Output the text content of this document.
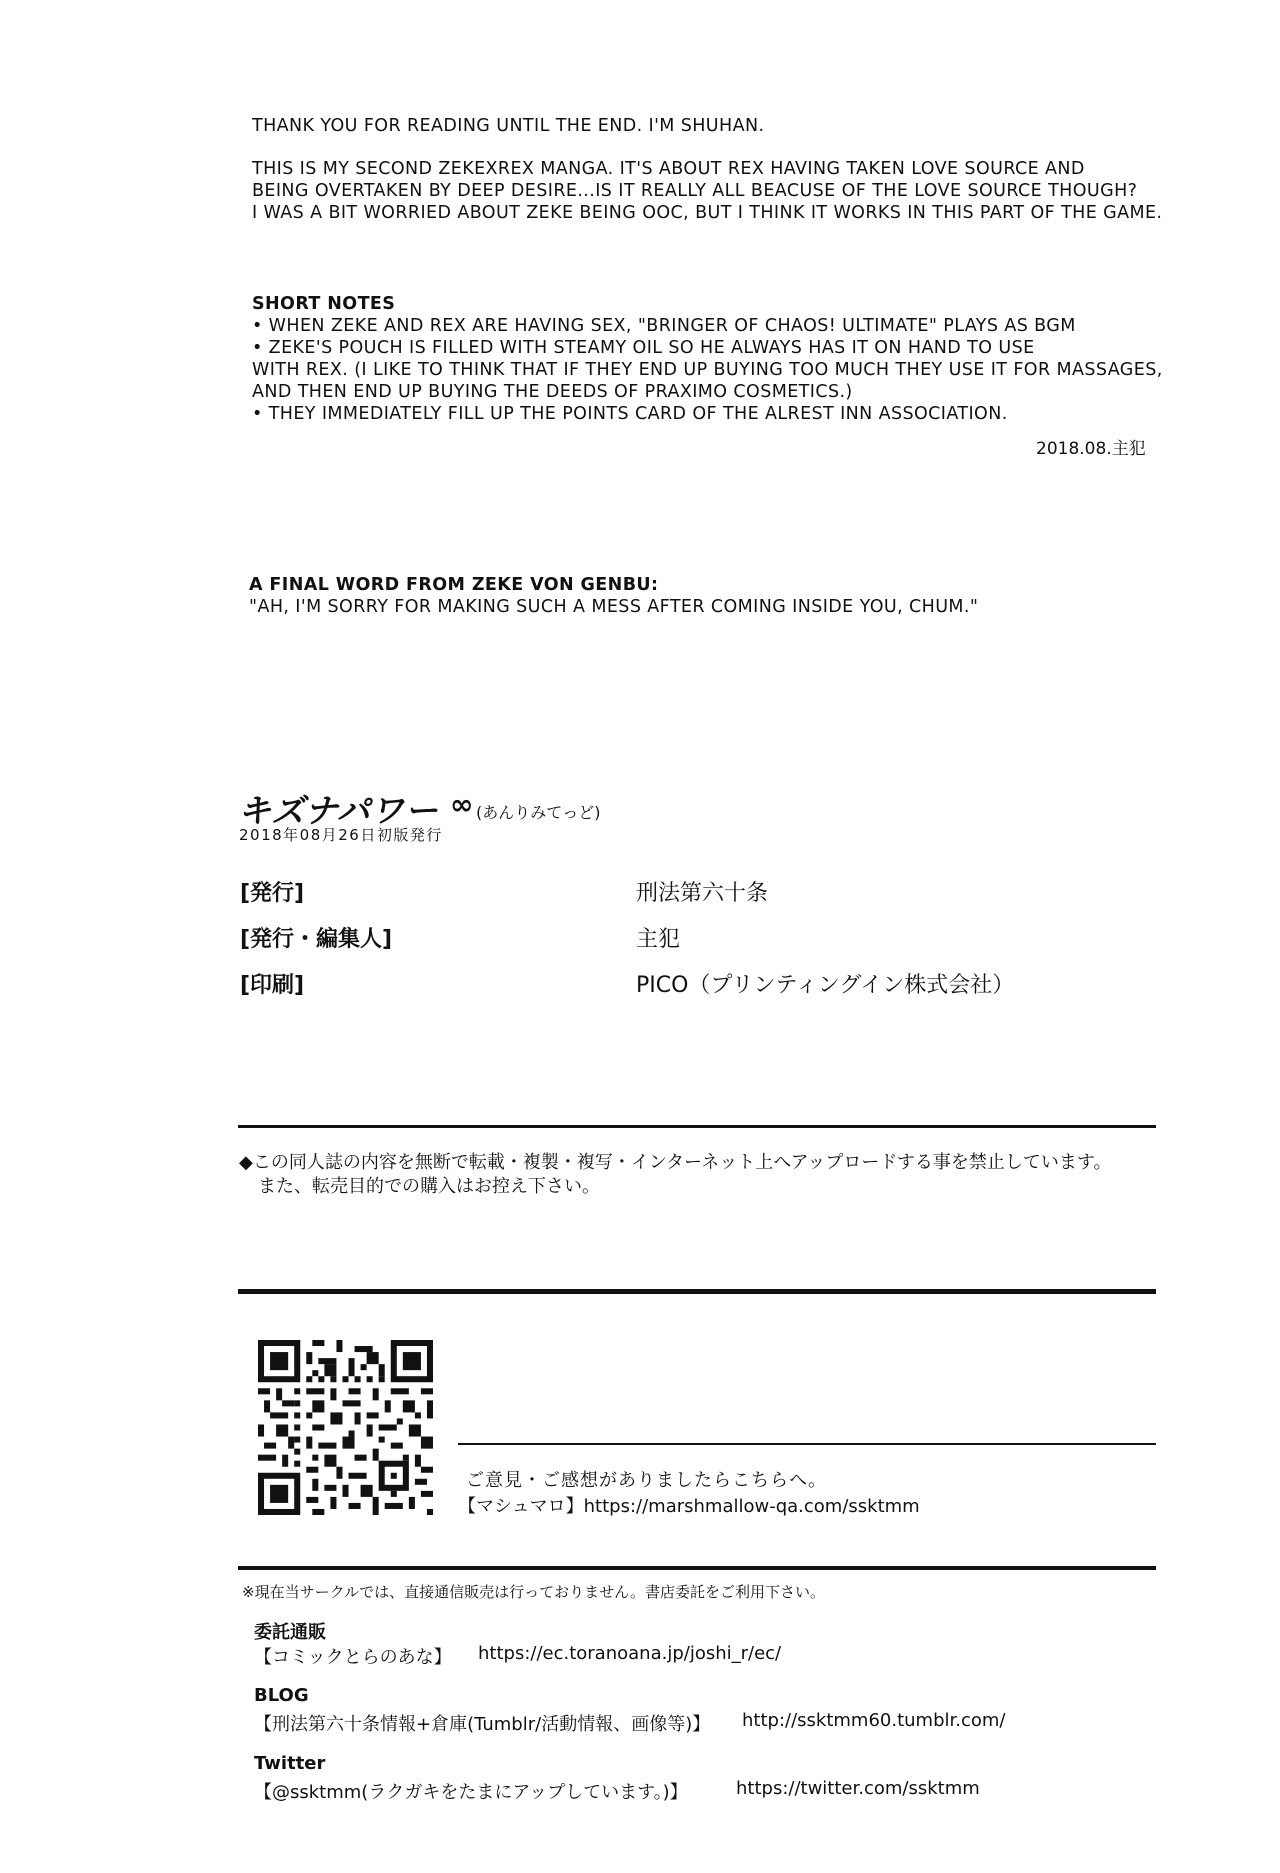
THANK YOU FOR READING UNTIL THE END. I'M SHUHAN.
THIS IS MY SECOND ZEKEXREX MANGA. IT'S ABOUT REX HAVING TAKEN LOVE SOURCE AND
BEING OVERTAKEN BY DEEP DESIRE...IS IT REALLY ALL BEACUSE OF THE LOVE SOURCE THOUGH?
I WAS A BIT WORRIED ABOUT ZEKE BEING OOC, BUT I THINK IT WORKS IN THIS PART OF THE GAME.
SHORT NOTES
• WHEN ZEKE AND REX ARE HAVING SEX, "BRINGER OF CHAOS! ULTIMATE" PLAYS AS BGM
• ZEKE'S POUCH IS FILLED WITH STEAMY OIL SO HE ALWAYS HAS IT ON HAND TO USE
WITH REX. (I LIKE TO THINK THAT IF THEY END UP BUYING TOO MUCH THEY USE IT FOR MASSAGES,
AND THEN END UP BUYING THE DEEDS OF PRAXIMO COSMETICS.)
• THEY IMMEDIATELY FILL UP THE POINTS CARD OF THE ALREST INN ASSOCIATION.
2018.08.主犯
A FINAL WORD FROM ZEKE VON GENBU:
"AH, I'M SORRY FOR MAKING SUCH A MESS AFTER COMING INSIDE YOU, CHUM."
キズナパワー ∞ (あんりみてっど)
2018年08月26日初版発行
[発行]	刑法第六十条
[発行・編集人]	主犯
[印刷]	PICO（プリンティングイン株式会社）
◆この同人誌の内容を無断で転載・複製・複写・インターネット上へアップロードする事を禁止しています。
また、転売目的での購入はお控え下さい。
ご意見・ご感想がありましたらこちらへ。
【マシュマロ】https://marshmallow-qa.com/ssktmm
※現在当サークルでは、直接通信販売は行っておりません。書店委託をご利用下さい。
委託通販
【コミックとらのあな】 https://ec.toranoana.jp/joshi_r/ec/
BLOG
【刑法第六十条情報+倉庫(Tumblr/活動情報、画像等)】 http://ssktmm60.tumblr.com/
Twitter
【@ssktmm(ラクガキをたまにアップしています。)】	https://twitter.com/ssktmm
